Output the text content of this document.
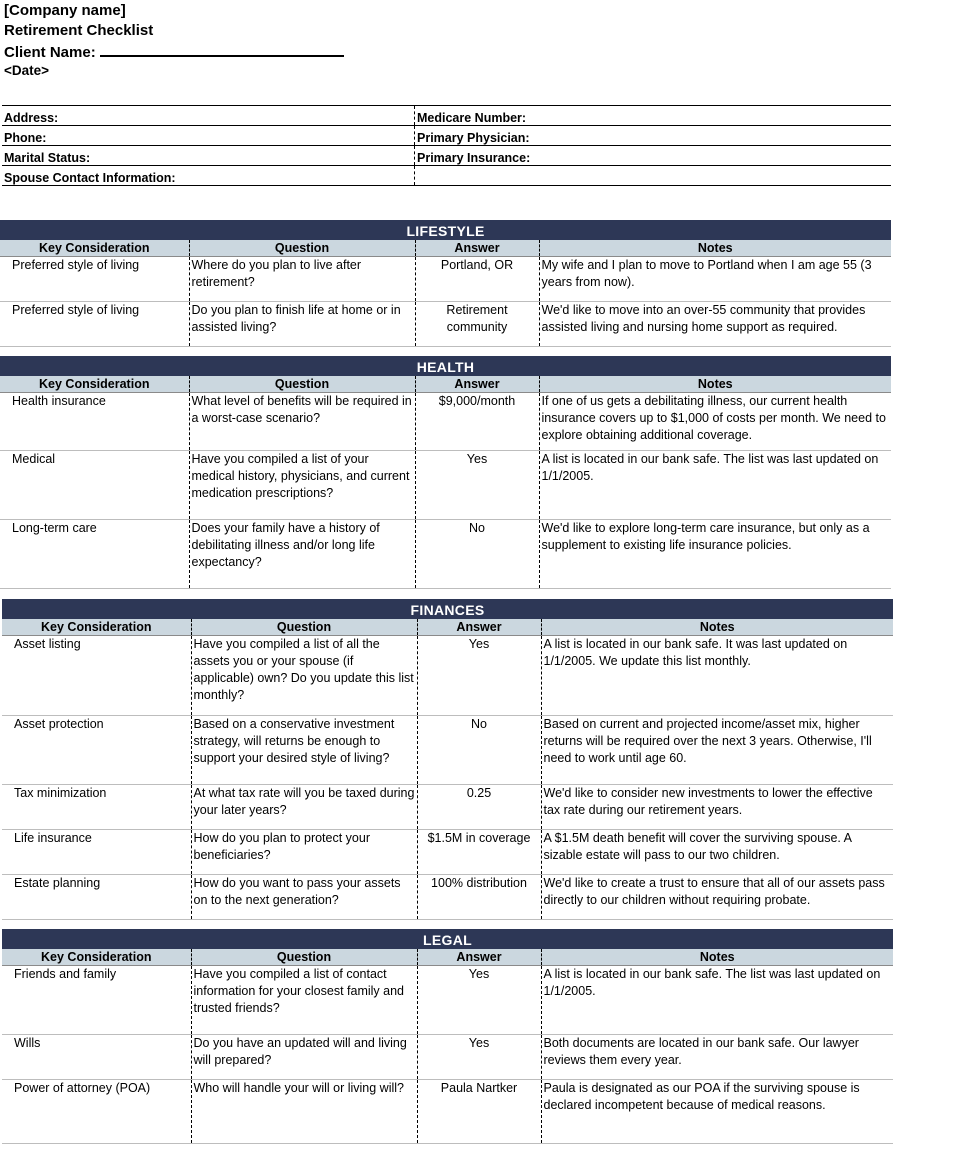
[Company name]
Retirement Checklist
Client Name:
<Date>
Address:	Medicare Number:
Phone:	Primary Physician:
Marital Status:	Primary Insurance:
Spouse Contact Information:	
LIFESTYLE			
Key Consideration	Question	Answer	Notes
Preferred style of living	Where do you plan to live after retirement?	Portland, OR	My wife and I plan to move to Portland when I am age 55 (3 years from now).
Preferred style of living	Do you plan to finish life at home or in assisted living?	Retirement community	We'd like to move into an over-55 community that provides assisted living and nursing home support as required.
HEALTH			
Key Consideration	Question	Answer	Notes
Health insurance	What level of benefits will be required in a worst-case scenario?	$9,000/month	If one of us gets a debilitating illness, our current health insurance covers up to $1,000 of costs per month. We need to explore obtaining additional coverage.
Medical	Have you compiled a list of your medical history, physicians, and current medication prescriptions?	Yes	A list is located in our bank safe. The list was last updated on 1/1/2005.
Long-term care	Does your family have a history of debilitating illness and/or long life expectancy?	No	We'd like to explore long-term care insurance, but only as a supplement to existing life insurance policies.
FINANCES			
Key Consideration	Question	Answer	Notes
Asset listing	Have you compiled a list of all the assets you or your spouse (if applicable) own? Do you update this list monthly?	Yes	A list is located in our bank safe. It was last updated on 1/1/2005. We update this list monthly.
Asset protection	Based on a conservative investment strategy, will returns be enough to support your desired style of living?	No	Based on current and projected income/asset mix, higher returns will be required over the next 3 years. Otherwise, I'll need to work until age 60.
Tax minimization	At what tax rate will you be taxed during your later years?	0.25	We'd like to consider new investments to lower the effective tax rate during our retirement years.
Life insurance	How do you plan to protect your beneficiaries?	$1.5M in coverage	A $1.5M death benefit will cover the surviving spouse. A sizable estate will pass to our two children.
Estate planning	How do you want to pass your assets on to the next generation?	100% distribution	We'd like to create a trust to ensure that all of our assets pass directly to our children without requiring probate.
LEGAL			
Key Consideration	Question	Answer	Notes
Friends and family	Have you compiled a list of contact information for your closest family and trusted friends?	Yes	A list is located in our bank safe. The list was last updated on 1/1/2005.
Wills	Do you have an updated will and living will prepared?	Yes	Both documents are located in our bank safe. Our lawyer reviews them every year.
Power of attorney (POA)	Who will handle your will or living will?	Paula Nartker	Paula is designated as our POA if the surviving spouse is declared incompetent because of medical reasons.
